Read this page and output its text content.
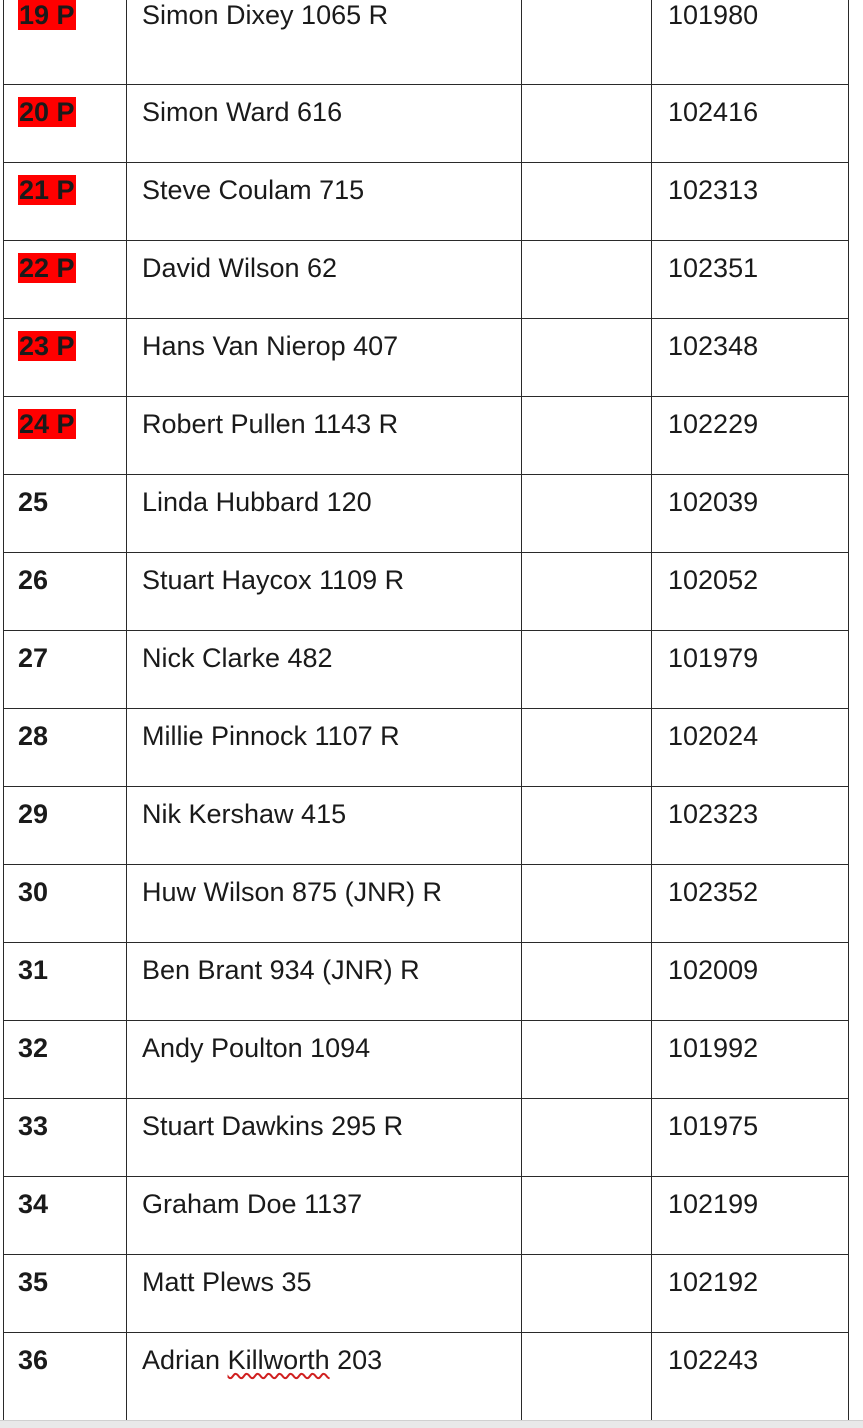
19 P	Simon Dixey 1065 R		101980
20 P	Simon Ward 616		102416
21 P	Steve Coulam 715		102313
22 P	David Wilson 62		102351
23 P	Hans Van Nierop 407		102348
24 P	Robert Pullen 1143 R		102229
25	Linda Hubbard 120		102039
26	Stuart Haycox 1109 R		102052
27	Nick Clarke 482		101979
28	Millie Pinnock 1107 R		102024
29	Nik Kershaw 415		102323
30	Huw Wilson 875 (JNR) R		102352
31	Ben Brant 934 (JNR) R		102009
32	Andy Poulton 1094		101992
33	Stuart Dawkins 295 R		101975
34	Graham Doe 1137		102199
35	Matt Plews 35		102192
36	Adrian Killworth 203		102243
